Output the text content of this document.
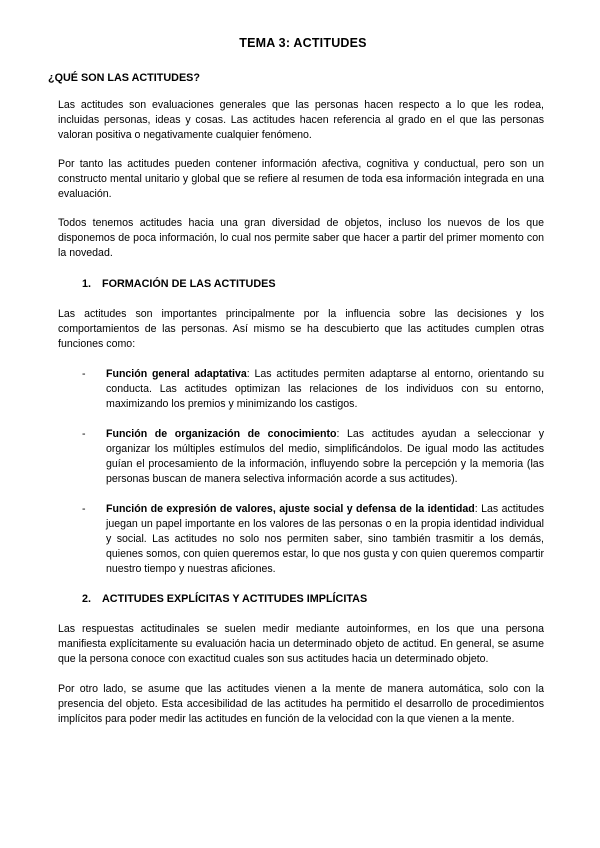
TEMA 3: ACTITUDES
¿QUÉ SON LAS ACTITUDES?

Las actitudes son evaluaciones generales que las personas hacen respecto a lo que les rodea, incluidas personas, ideas y cosas. Las actitudes hacen referencia al grado en el que las personas valoran positiva o negativamente cualquier fenómeno.

Por tanto las actitudes pueden contener información afectiva, cognitiva y conductual, pero son un constructo mental unitario y global que se refiere al resumen de toda esa información integrada en una evaluación.

Todos tenemos actitudes hacia una gran diversidad de objetos, incluso los nuevos de los que disponemos de poca información, lo cual nos permite saber que hacer a partir del primer momento con la novedad.

1.	FORMACIÓN DE LAS ACTITUDES

Las actitudes son importantes principalmente por la influencia sobre las decisiones y los comportamientos de las personas. Así mismo se ha descubierto que las actitudes cumplen otras funciones como:

-	Función general adaptativa: Las actitudes permiten adaptarse al entorno, orientando su conducta. Las actitudes optimizan las relaciones de los individuos con su entorno, maximizando los premios y minimizando los castigos.
-	Función de organización de conocimiento: Las actitudes ayudan a seleccionar y organizar los múltiples estímulos del medio, simplificándolos. De igual modo las actitudes guían el procesamiento de la información, influyendo sobre la percepción y la memoria (las personas buscan de manera selectiva información acorde a sus actitudes).
-	Función de expresión de valores, ajuste social y defensa de la identidad: Las actitudes juegan un papel importante en los valores de las personas o en la propia identidad individual y social. Las actitudes no solo nos permiten saber, sino también trasmitir a los demás, quienes somos, con quien queremos estar, lo que nos gusta y con quien queremos compartir nuestro tiempo y nuestras aficiones.
2.	ACTITUDES EXPLÍCITAS Y ACTITUDES IMPLÍCITAS

Las respuestas actitudinales se suelen medir mediante autoinformes, en los que una persona manifiesta explícitamente su evaluación hacia un determinado objeto de actitud. En general, se asume que la persona conoce con exactitud cuales son sus actitudes hacia un determinado objeto.

Por otro lado, se asume que las actitudes vienen a la mente de manera automática, solo con la presencia del objeto. Esta accesibilidad de las actitudes ha permitido el desarrollo de procedimientos implícitos para poder medir las actitudes en función de la velocidad con la que vienen a la mente.
